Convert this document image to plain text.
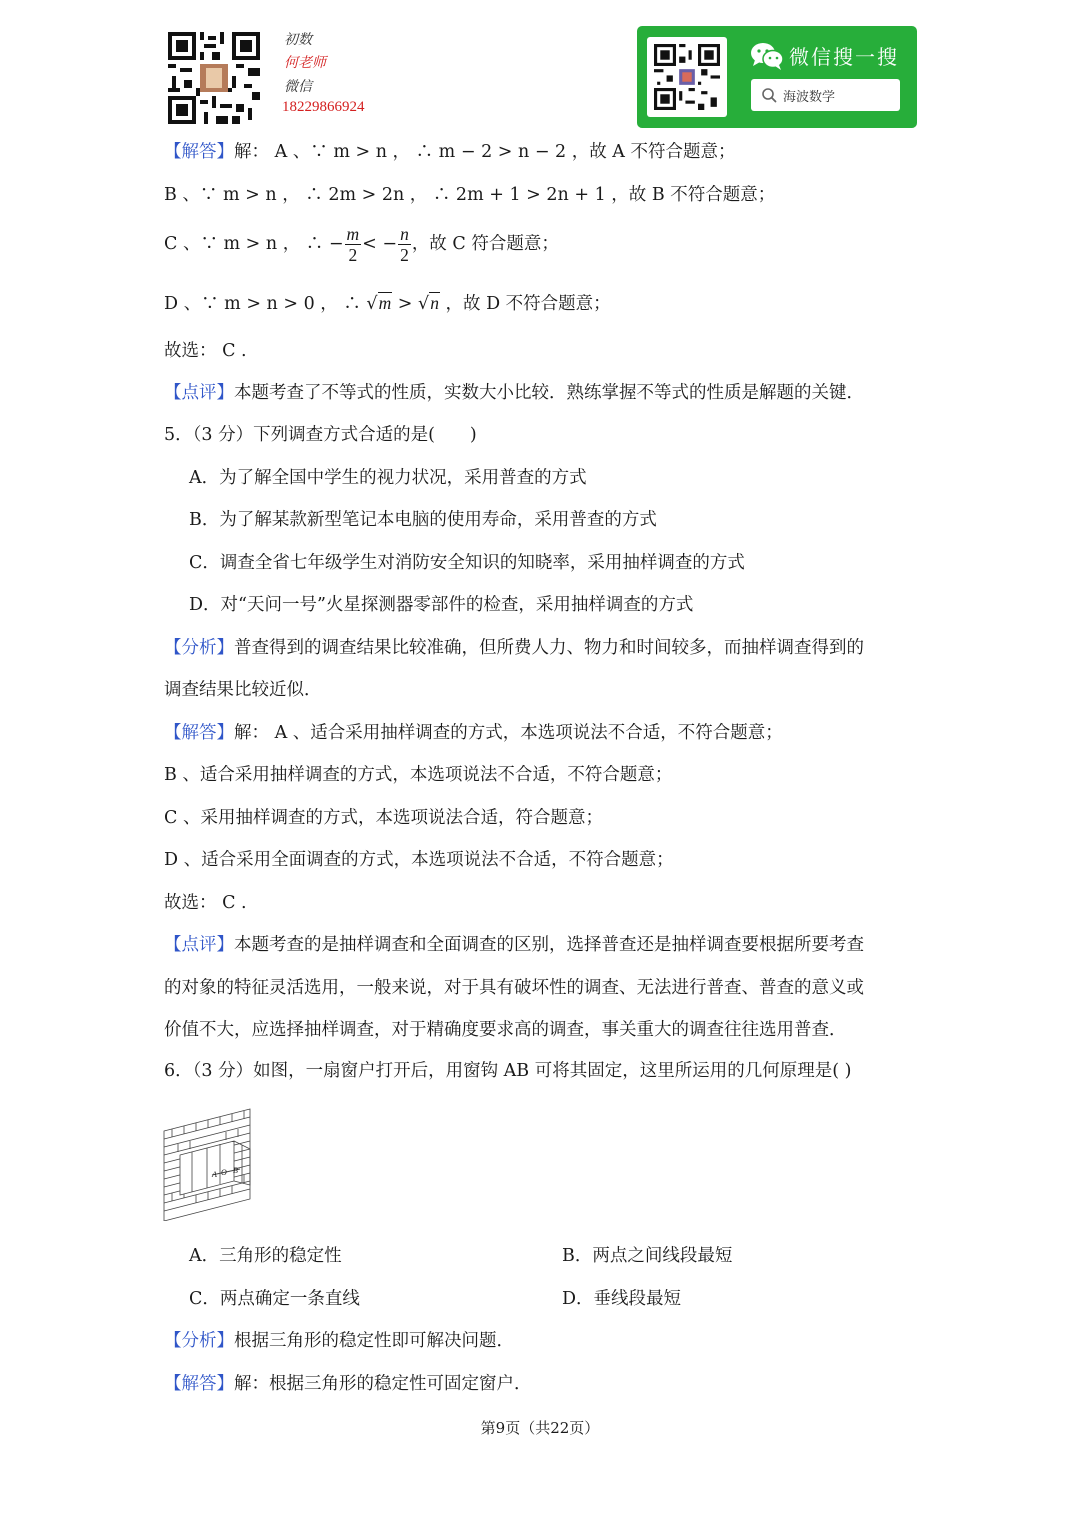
初数
何老师
微信
18229866924
微信搜一搜
海波数学
【解答】解： A 、∵ m > n ， ∴ m − 2 > n − 2 ，故 A 不符合题意；
B 、∵ m > n ， ∴ 2m > 2n ， ∴ 2m + 1 > 2n + 1 ，故 B 不符合题意；
C 、∵ m > n ， ∴ − $\frac{m}{2}$ < − $\frac{n}{2}$ ，故 C 符合题意；
D 、∵ m > n > 0 ， ∴ √m > √n ，故 D 不符合题意；
故选： C .
【点评】本题考查了不等式的性质，实数大小比较．熟练掌握不等式的性质是解题的关键．
5．（3 分）下列调查方式合适的是(　　)
A．为了解全国中学生的视力状况，采用普查的方式
B．为了解某款新型笔记本电脑的使用寿命，采用普查的方式
C．调查全省七年级学生对消防安全知识的知晓率，采用抽样调查的方式
D．对“天问一号”火星探测器零部件的检查，采用抽样调查的方式
【分析】普查得到的调查结果比较准确，但所费人力、物力和时间较多，而抽样调查得到的
调查结果比较近似．
【解答】解： A 、适合采用抽样调查的方式，本选项说法不合适，不符合题意；
B 、适合采用抽样调查的方式，本选项说法不合适，不符合题意；
C 、采用抽样调查的方式，本选项说法合适，符合题意；
D 、适合采用全面调查的方式，本选项说法不合适，不符合题意；
故选： C .
【点评】本题考查的是抽样调查和全面调查的区别，选择普查还是抽样调查要根据所要考查
的对象的特征灵活选用，一般来说，对于具有破坏性的调查、无法进行普查、普查的意义或
价值不大，应选择抽样调查，对于精确度要求高的调查，事关重大的调查往往选用普查．
6．（3 分）如图，一扇窗户打开后，用窗钩 AB 可将其固定，这里所运用的几何原理是( )
A O B
A．三角形的稳定性	B．两点之间线段最短
C．两点确定一条直线	D．垂线段最短
【分析】根据三角形的稳定性即可解决问题．
【解答】解：根据三角形的稳定性可固定窗户．
第9页（共22页）
